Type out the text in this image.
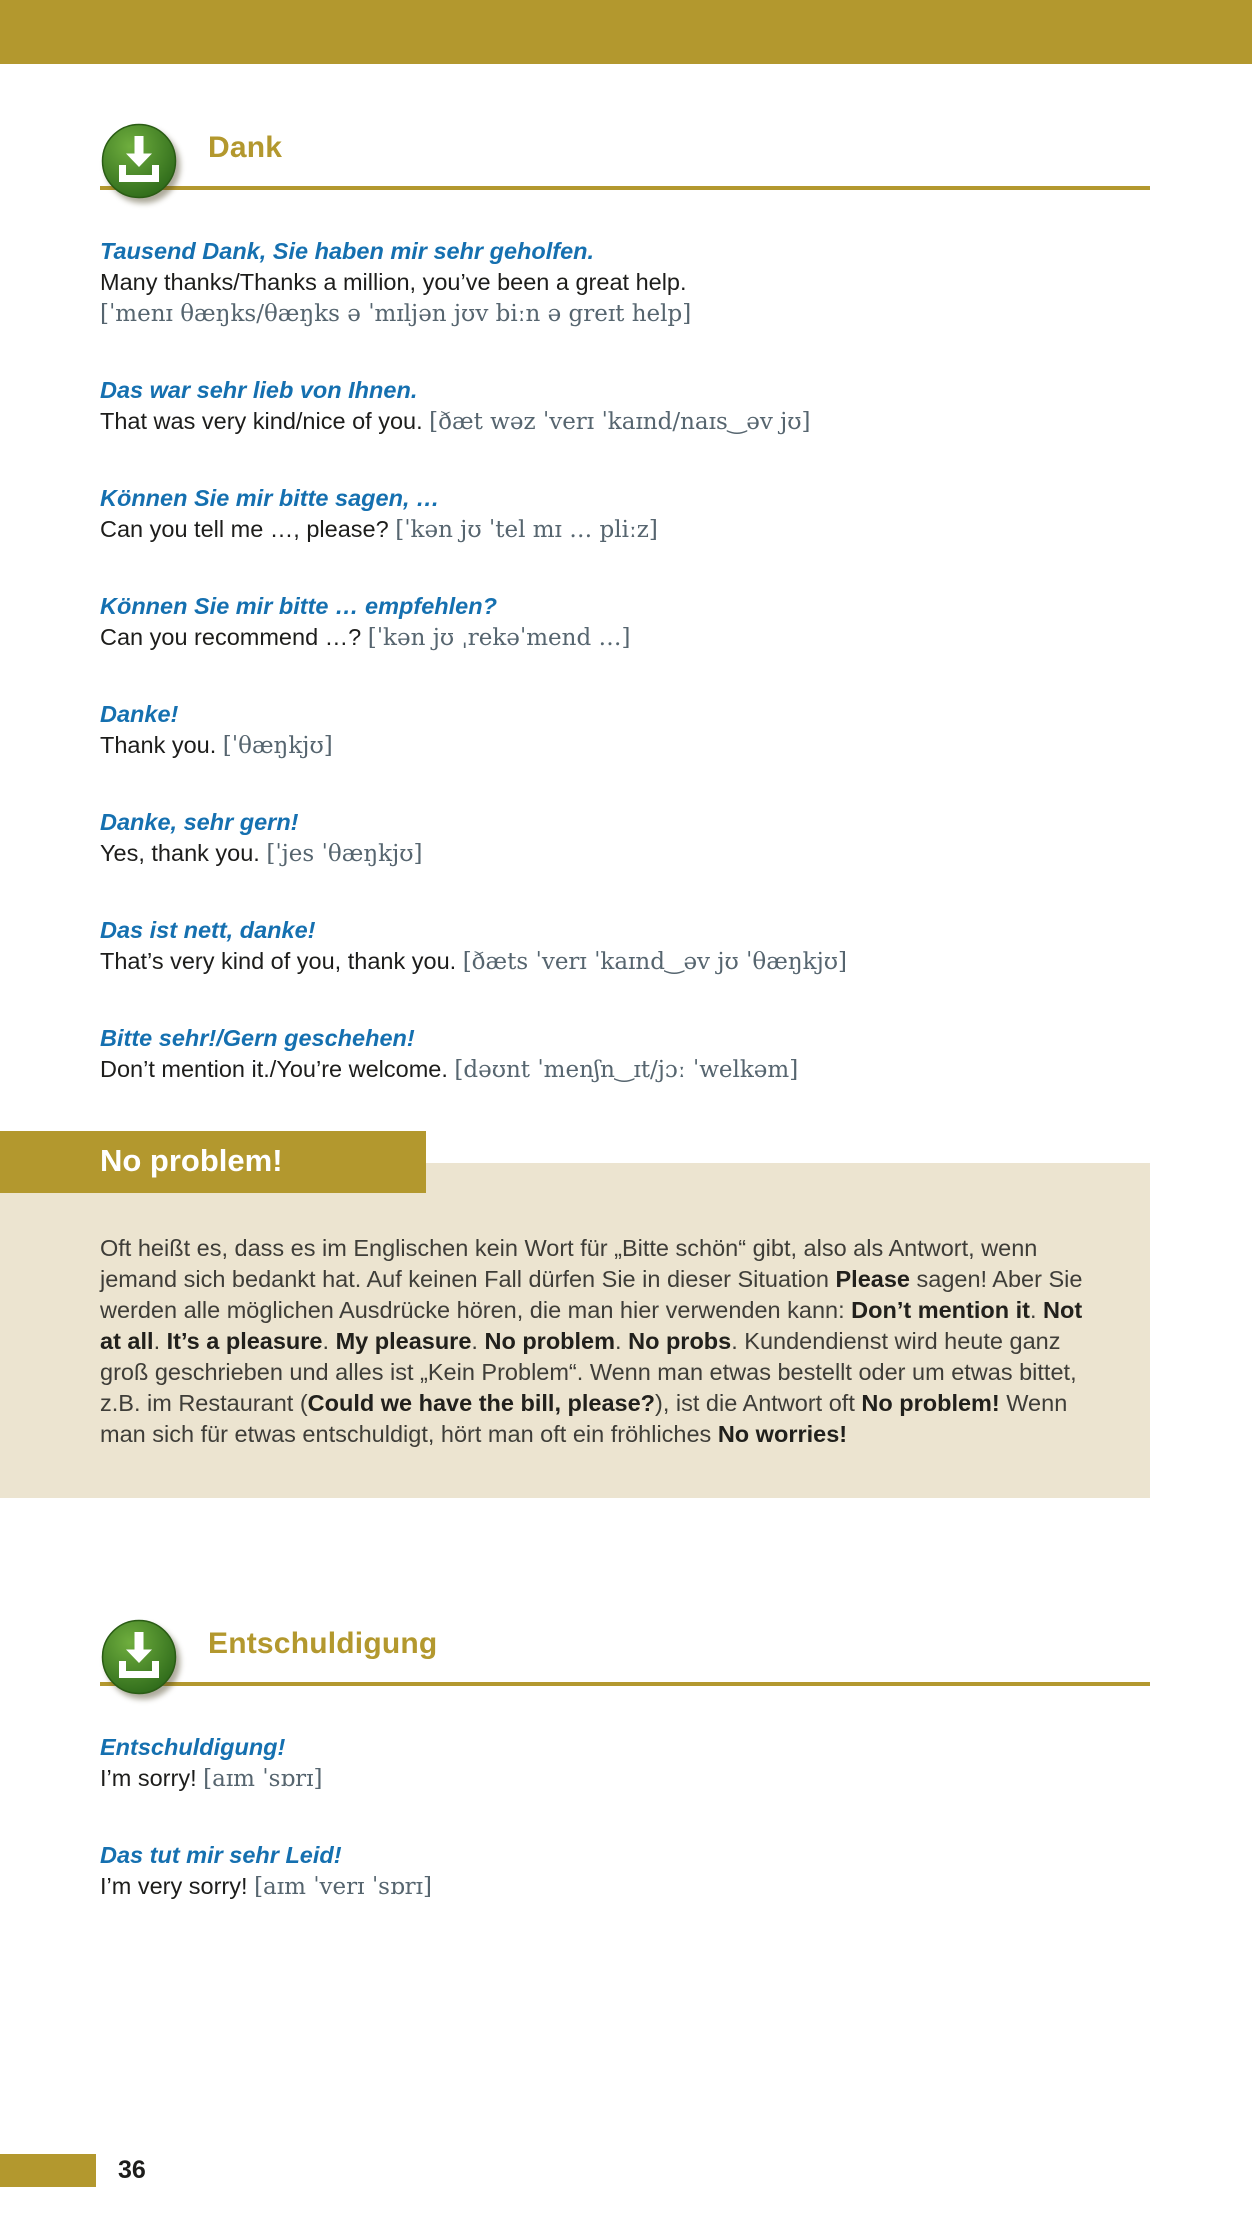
Dank
Tausend Dank, Sie haben mir sehr geholfen.
Many thanks/Thanks a million, you’ve been a great help. [ˈmenɪ θæŋks/θæŋks ə ˈmɪljən jʊv biːn ə greɪt help]
Das war sehr lieb von Ihnen.
That was very kind/nice of you. [ðæt wəz ˈverɪ ˈkaɪnd/naɪs‿əv jʊ]
Können Sie mir bitte sagen, …
Can you tell me …, please? [ˈkən jʊ ˈtel mɪ … pliːz]
Können Sie mir bitte … empfehlen?
Can you recommend …? [ˈkən jʊ ˌrekəˈmend …]
Danke!
Thank you. [ˈθæŋkjʊ]
Danke, sehr gern!
Yes, thank you. [ˈjes ˈθæŋkjʊ]
Das ist nett, danke!
That’s very kind of you, thank you. [ðæts ˈverɪ ˈkaɪnd‿əv jʊ ˈθæŋkjʊ]
Bitte sehr!/Gern geschehen!
Don’t mention it./You’re welcome. [dəʊnt ˈmenʃn‿ɪt/jɔː ˈwelkəm]
No problem!
Oft heißt es, dass es im Englischen kein Wort für „Bitte schön“ gibt, also als Antwort, wenn jemand sich bedankt hat. Auf keinen Fall dürfen Sie in dieser Situation Please sagen! Aber Sie werden alle möglichen Ausdrücke hören, die man hier verwenden kann: Don’t mention it. Not at all. It’s a pleasure. My pleasure. No problem. No probs. Kundendienst wird heute ganz groß geschrieben und alles ist „Kein Problem“. Wenn man etwas bestellt oder um etwas bittet, z.B. im Restaurant (Could we have the bill, please?), ist die Antwort oft No problem! Wenn man sich für etwas entschuldigt, hört man oft ein fröhliches No worries!
Entschuldigung
Entschuldigung!
I’m sorry! [aɪm ˈsɒrɪ]
Das tut mir sehr Leid!
I’m very sorry! [aɪm ˈverɪ ˈsɒrɪ]
36
